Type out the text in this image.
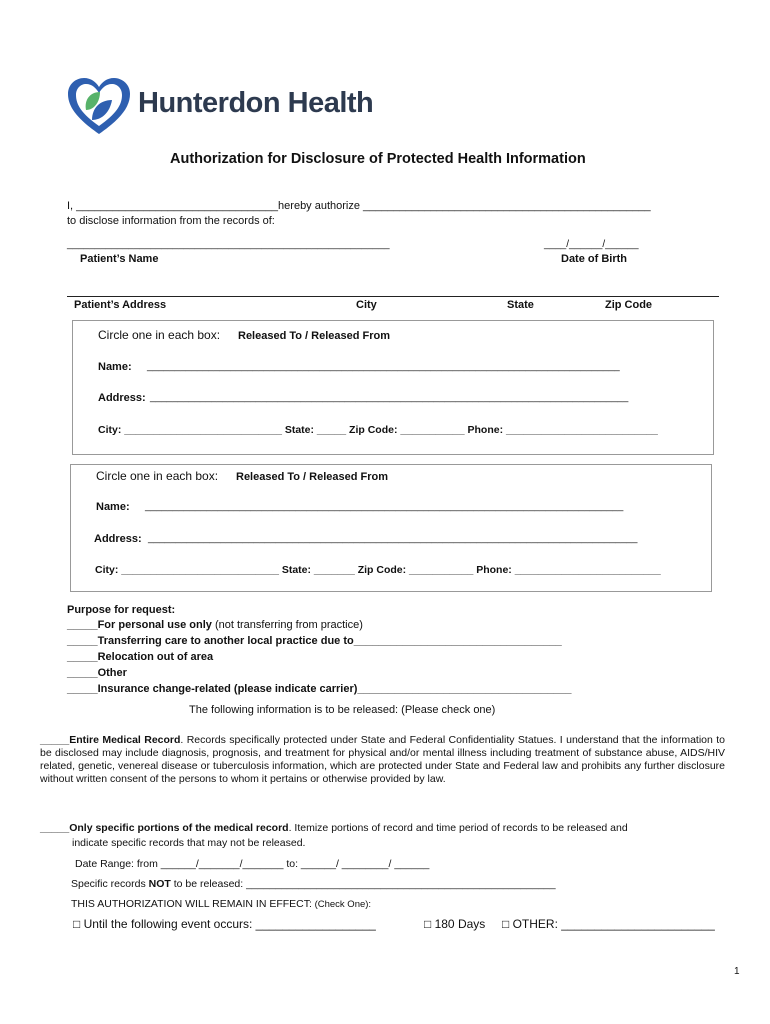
Hunterdon Health
Authorization for Disclosure of Protected Health Information
I, _________________________________hereby authorize _______________________________________________
to disclose information from the records of:
__________________________________________________________	____/______/______
Patient’s Name	Date of Birth
Patient’s Address	City	State	Zip Code
Circle one in each box: Released To / Released From
Name: _____________________________________________________________________________________
Address: ______________________________________________________________________________________
City: ___________________________ State: _____ Zip Code: ___________ Phone: __________________________
Circle one in each box: Released To / Released From
Name: ______________________________________________________________________________________
Address: ________________________________________________________________________________________
City: ___________________________ State: _______ Zip Code: ___________ Phone: _________________________
Purpose for request:
_____For personal use only (not transferring from practice)
_____Transferring care to another local practice due to__________________________________
_____Relocation out of area
_____Other
_____Insurance change-related (please indicate carrier)___________________________________
The following information is to be released: (Please check one)
_____Entire Medical Record. Records specifically protected under State and Federal Confidentiality Statues. I understand that the information to be disclosed may include diagnosis, prognosis, and treatment for physical and/or mental illness including treatment of substance abuse, AIDS/HIV related, genetic, venereal disease or tuberculosis information, which are protected under State and Federal law and prohibits any further disclosure without written consent of the persons to whom it pertains or otherwise provided by law.
_____Only specific portions of the medical record. Itemize portions of record and time period of records to be released and
indicate specific records that may not be released.
Date Range: from ______/_______/_______ to: ______/ ________/ ______
Specific records NOT to be released: _____________________________________________________
THIS AUTHORIZATION WILL REMAIN IN EFFECT: (Check One):
□ Until the following event occurs: __________________	□ 180 Days □ OTHER: _______________________
1
